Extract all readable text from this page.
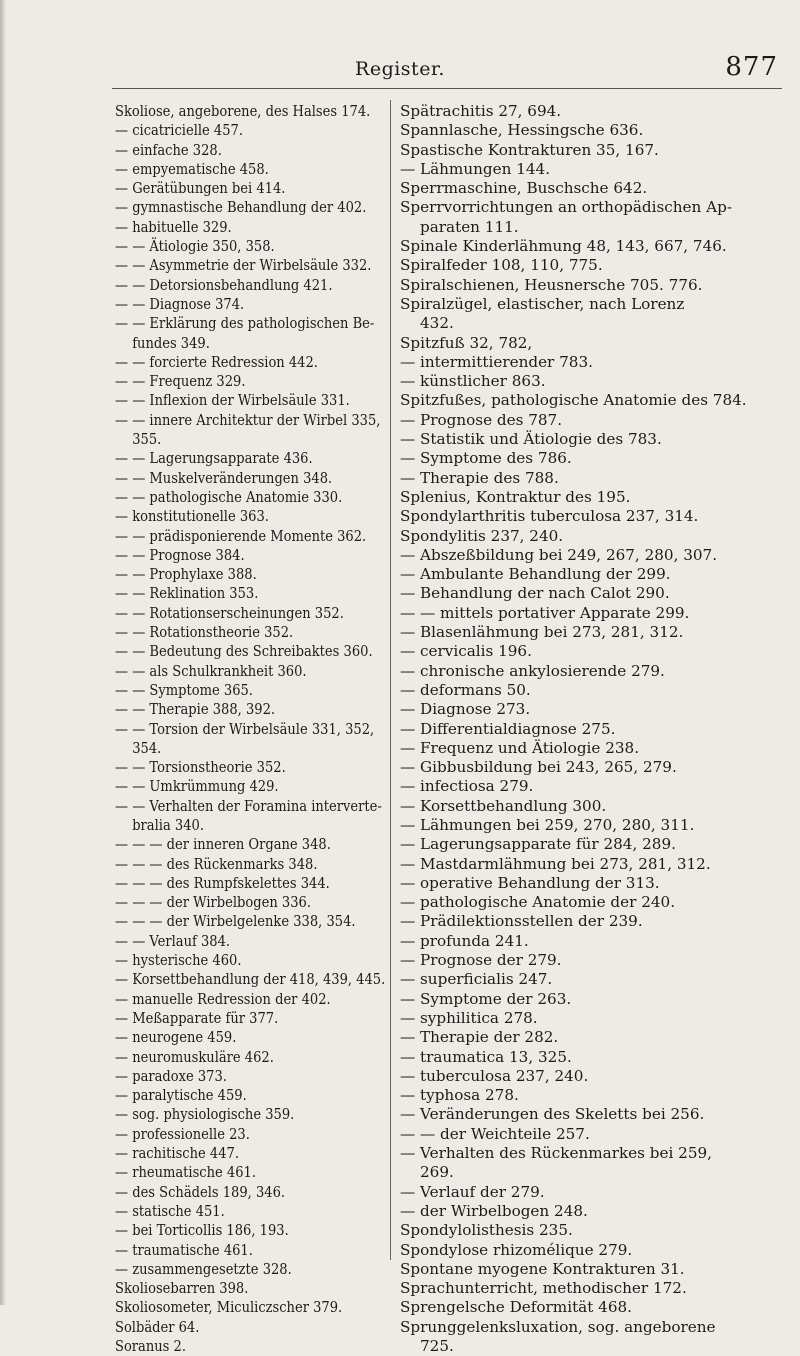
Register.	877
Skoliose, angeborene, des Halses 174.
— cicatricielle 457.
— einfache 328.
— empyematische 458.
— Gerätübungen bei 414.
— gymnastische Behandlung der 402.
— habituelle 329.
— — Ätiologie 350, 358.
— — Asymmetrie der Wirbelsäule 332.
— — Detorsionsbehandlung 421.
— — Diagnose 374.
— — Erklärung des pathologischen Be-
fundes 349.
— — forcierte Redression 442.
— — Frequenz 329.
— — Inflexion der Wirbelsäule 331.
— — innere Architektur der Wirbel 335,
355.
— — Lagerungsapparate 436.
— — Muskelveränderungen 348.
— — pathologische Anatomie 330.
— konstitutionelle 363.
— — prädisponierende Momente 362.
— — Prognose 384.
— — Prophylaxe 388.
— — Reklination 353.
— — Rotationserscheinungen 352.
— — Rotationstheorie 352.
— — Bedeutung des Schreibaktes 360.
— — als Schulkrankheit 360.
— — Symptome 365.
— — Therapie 388, 392.
— — Torsion der Wirbelsäule 331, 352,
354.
— — Torsionstheorie 352.
— — Umkrümmung 429.
— — Verhalten der Foramina interverte-
bralia 340.
— — — der inneren Organe 348.
— — — des Rückenmarks 348.
— — — des Rumpfskelettes 344.
— — — der Wirbelbogen 336.
— — — der Wirbelgelenke 338, 354.
— — Verlauf 384.
— hysterische 460.
— Korsettbehandlung der 418, 439, 445.
— manuelle Redression der 402.
— Meßapparate für 377.
— neurogene 459.
— neuromuskuläre 462.
— paradoxe 373.
— paralytische 459.
— sog. physiologische 359.
— professionelle 23.
— rachitische 447.
— rheumatische 461.
— des Schädels 189, 346.
— statische 451.
— bei Torticollis 186, 193.
— traumatische 461.
— zusammengesetzte 328.
Skoliosebarren 398.
Skoliosometer, Miculiczscher 379.
Solbäder 64.
Soranus 2.
Spätrachitis 27, 694.
Spannlasche, Hessingsche 636.
Spastische Kontrakturen 35, 167.
— Lähmungen 144.
Sperrmaschine, Buschsche 642.
Sperrvorrichtungen an orthopädischen Ap-
paraten 111.
Spinale Kinderlähmung 48, 143, 667, 746.
Spiralfeder 108, 110, 775.
Spiralschienen, Heusnersche 705. 776.
Spiralzügel, elastischer, nach Lorenz
432.
Spitzfuß 32, 782,
— intermittierender 783.
— künstlicher 863.
Spitzfußes, pathologische Anatomie des 784.
— Prognose des 787.
— Statistik und Ätiologie des 783.
— Symptome des 786.
— Therapie des 788.
Splenius, Kontraktur des 195.
Spondylarthritis tuberculosa 237, 314.
Spondylitis 237, 240.
— Abszeßbildung bei 249, 267, 280, 307.
— Ambulante Behandlung der 299.
— Behandlung der nach Calot 290.
— — mittels portativer Apparate 299.
— Blasenlähmung bei 273, 281, 312.
— cervicalis 196.
— chronische ankylosierende 279.
— deformans 50.
— Diagnose 273.
— Differentialdiagnose 275.
— Frequenz und Ätiologie 238.
— Gibbusbildung bei 243, 265, 279.
— infectiosa 279.
— Korsettbehandlung 300.
— Lähmungen bei 259, 270, 280, 311.
— Lagerungsapparate für 284, 289.
— Mastdarmlähmung bei 273, 281, 312.
— operative Behandlung der 313.
— pathologische Anatomie der 240.
— Prädilektionsstellen der 239.
— profunda 241.
— Prognose der 279.
— superficialis 247.
— Symptome der 263.
— syphilitica 278.
— Therapie der 282.
— traumatica 13, 325.
— tuberculosa 237, 240.
— typhosa 278.
— Veränderungen des Skeletts bei 256.
— — der Weichteile 257.
— Verhalten des Rückenmarkes bei 259,
269.
— Verlauf der 279.
— der Wirbelbogen 248.
Spondylolisthesis 235.
Spondylose rhizomélique 279.
Spontane myogene Kontrakturen 31.
Sprachunterricht, methodischer 172.
Sprengelsche Deformität 468.
Sprunggelenksluxation, sog. angeborene
725.
